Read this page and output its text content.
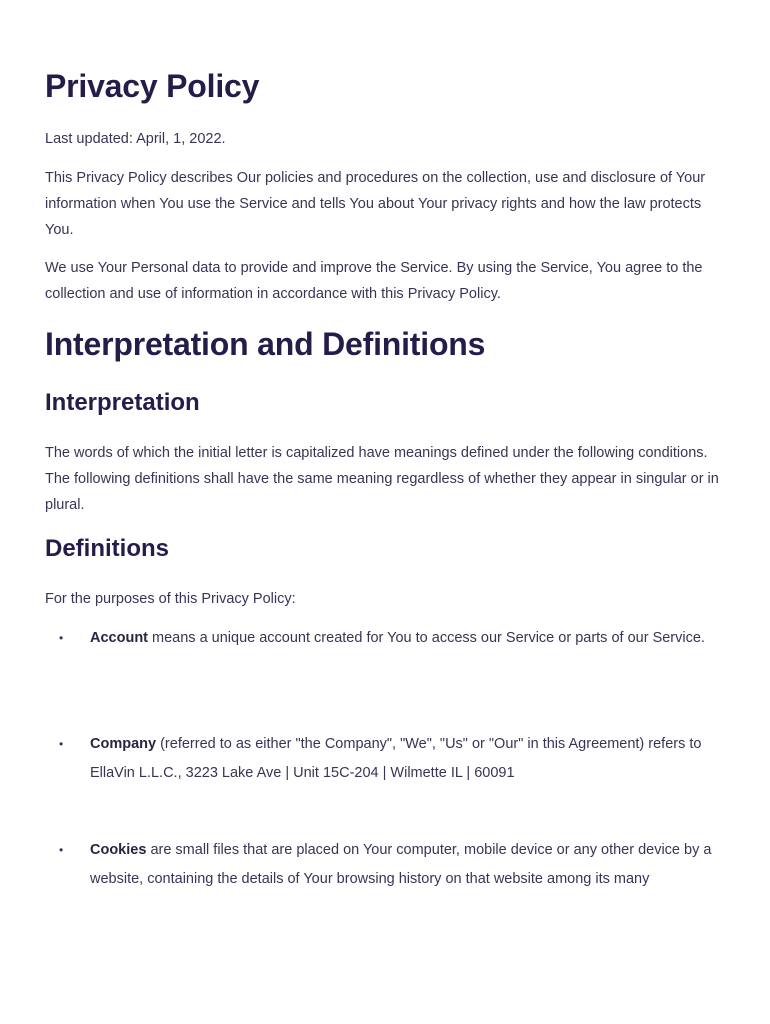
Privacy Policy

Last updated: April, 1, 2022.

This Privacy Policy describes Our policies and procedures on the collection, use and disclosure of Your information when You use the Service and tells You about Your privacy rights and how the law protects You.

We use Your Personal data to provide and improve the Service. By using the Service, You agree to the collection and use of information in accordance with this Privacy Policy.

Interpretation and Definitions
Interpretation

The words of which the initial letter is capitalized have meanings defined under the following conditions. The following definitions shall have the same meaning regardless of whether they appear in singular or in plural.

Definitions

For the purposes of this Privacy Policy:

• Account means a unique account created for You to access our Service or parts of our Service.
• Company (referred to as either "the Company", "We", "Us" or "Our" in this Agreement) refers to EllaVin L.L.C., 3223 Lake Ave | Unit 15C-204 | Wilmette IL | 60091
• Cookies are small files that are placed on Your computer, mobile device or any other device by a website, containing the details of Your browsing history on that website among its many
